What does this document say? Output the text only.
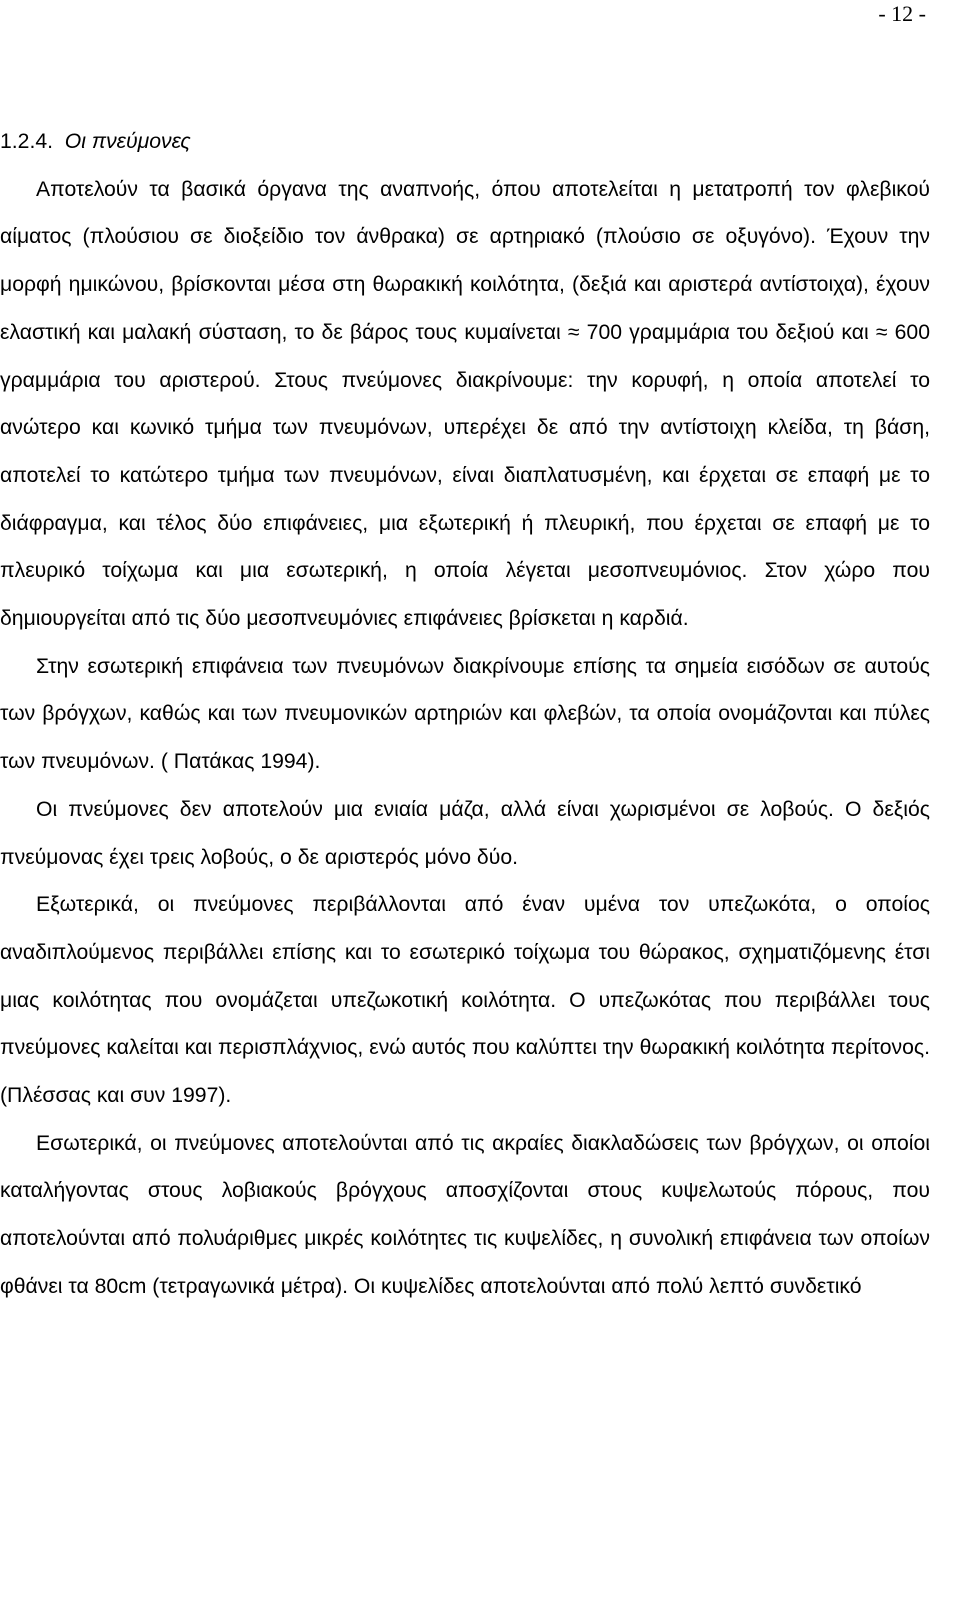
- 12 -
1.2.4. Οι πνεύμονες

Αποτελούν τα βασικά όργανα της αναπνοής, όπου αποτελείται η μετατροπή τον φλεβικού αίματος (πλούσιου σε διοξείδιο τον άνθρακα) σε αρτηριακό (πλούσιο σε οξυγόνο). Έχουν την μορφή ημικώνου, βρίσκονται μέσα στη θωρακική κοιλότητα, (δεξιά και αριστερά αντίστοιχα), έχουν ελαστική και μαλακή σύσταση, το δε βάρος τους κυμαίνεται ≈ 700 γραμμάρια του δεξιού και ≈ 600 γραμμάρια του αριστερού. Στους πνεύμονες διακρίνουμε: την κορυφή, η οποία αποτελεί το ανώτερο και κωνικό τμήμα των πνευμόνων, υπερέχει δε από την αντίστοιχη κλείδα, τη βάση, αποτελεί το κατώτερο τμήμα των πνευμόνων, είναι διαπλατυσμένη, και έρχεται σε επαφή με το διάφραγμα, και τέλος δύο επιφάνειες, μια εξωτερική ή πλευρική, που έρχεται σε επαφή με το πλευρικό τοίχωμα και μια εσωτερική, η οποία λέγεται μεσοπνευμόνιος. Στον χώρο που δημιουργείται από τις δύο μεσοπνευμόνιες επιφάνειες βρίσκεται η καρδιά.

Στην εσωτερική επιφάνεια των πνευμόνων διακρίνουμε επίσης τα σημεία εισόδων σε αυτούς των βρόγχων, καθώς και των πνευμονικών αρτηριών και φλεβών, τα οποία ονομάζονται και πύλες των πνευμόνων. ( Πατάκας 1994).

Οι πνεύμονες δεν αποτελούν μια ενιαία μάζα, αλλά είναι χωρισμένοι σε λοβούς. Ο δεξιός πνεύμονας έχει τρεις λοβούς, ο δε αριστερός μόνο δύο.

Εξωτερικά, οι πνεύμονες περιβάλλονται από έναν υμένα τον υπεζωκότα, ο οποίος αναδιπλούμενος περιβάλλει επίσης και το εσωτερικό τοίχωμα του θώρακος, σχηματιζόμενης έτσι μιας κοιλότητας που ονομάζεται υπεζωκοτική κοιλότητα. Ο υπεζωκότας που περιβάλλει τους πνεύμονες καλείται και περισπλάχνιος, ενώ αυτός που καλύπτει την θωρακική κοιλότητα περίτονος. (Πλέσσας και συν 1997).

Εσωτερικά, οι πνεύμονες αποτελούνται από τις ακραίες διακλαδώσεις των βρόγχων, οι οποίοι καταλήγοντας στους λοβιακούς βρόγχους αποσχίζονται στους κυψελωτούς πόρους, που αποτελούνται από πολυάριθμες μικρές κοιλότητες τις κυψελίδες, η συνολική επιφάνεια των οποίων φθάνει τα 80cm (τετραγωνικά μέτρα). Οι κυψελίδες αποτελούνται από πολύ λεπτό συνδετικό
